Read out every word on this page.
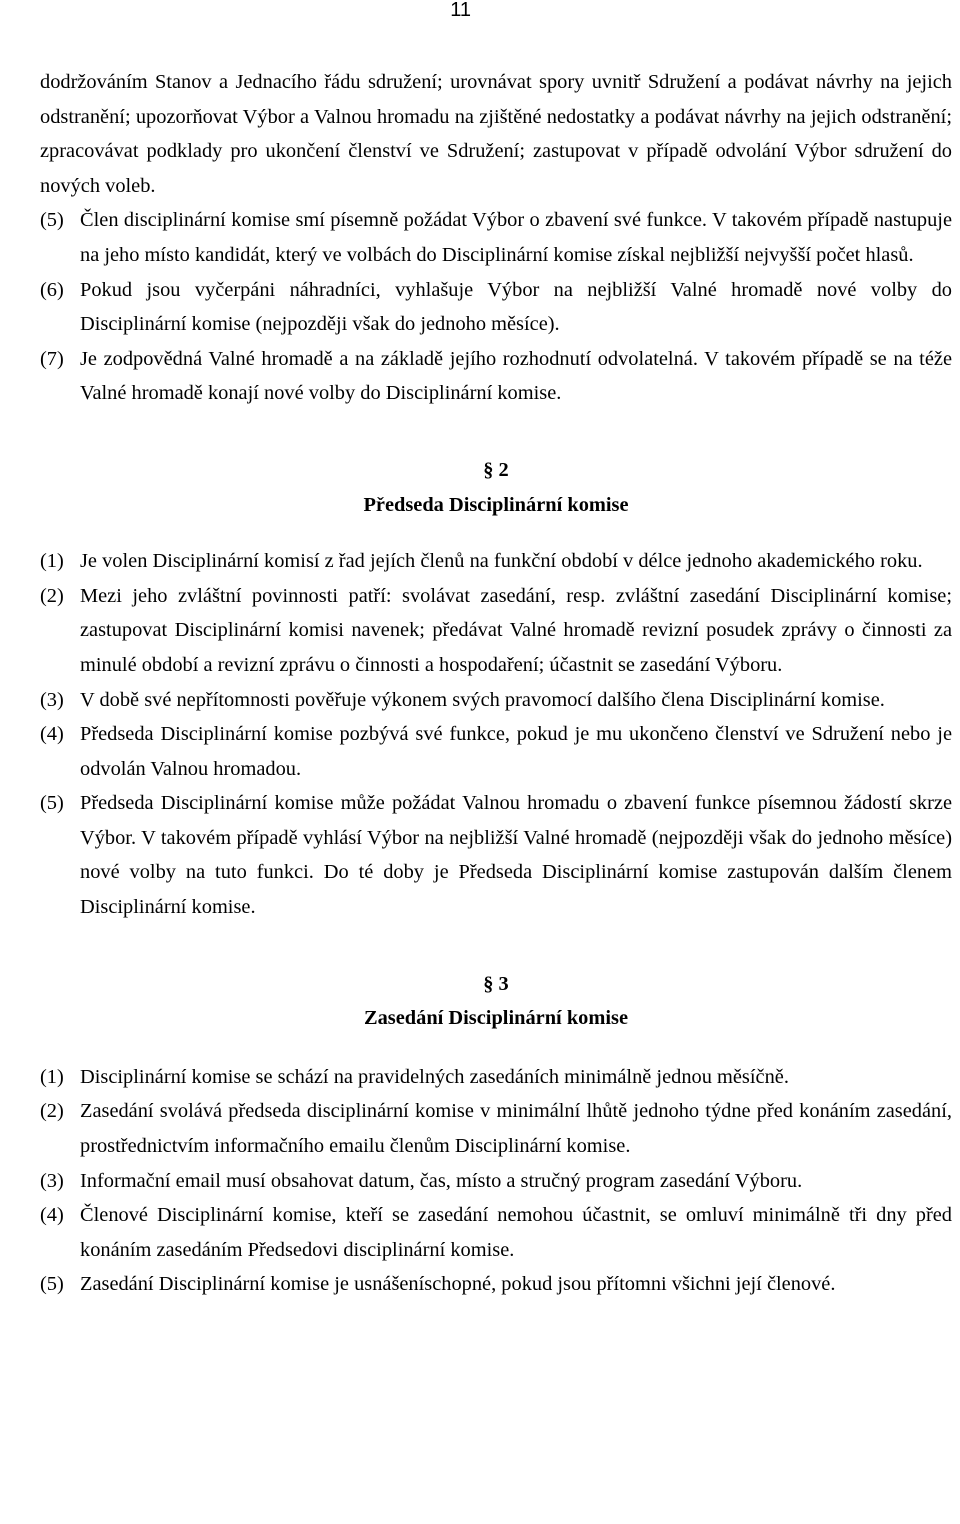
11
dodržováním Stanov a Jednacího řádu sdružení; urovnávat spory uvnitř Sdružení a podávat návrhy na jejich odstranění; upozorňovat Výbor a Valnou hromadu na zjištěné nedostatky a podávat návrhy na jejich odstranění; zpracovávat podklady pro ukončení členství ve Sdružení; zastupovat v případě odvolání Výbor sdružení do nových voleb.
(5) Člen disciplinární komise smí písemně požádat Výbor o zbavení své funkce. V takovém případě nastupuje na jeho místo kandidát, který ve volbách do Disciplinární komise získal nejbližší nejvyšší počet hlasů.
(6) Pokud jsou vyčerpáni náhradníci, vyhlašuje Výbor na nejbližší Valné hromadě nové volby do Disciplinární komise (nejpozději však do jednoho měsíce).
(7) Je zodpovědná Valné hromadě a na základě jejího rozhodnutí odvolatelná. V takovém případě se na téže Valné hromadě konají nové volby do Disciplinární komise.
§ 2
Předseda Disciplinární komise
(1) Je volen Disciplinární komisí z řad jejích členů na funkční období v délce jednoho akademického roku.
(2) Mezi jeho zvláštní povinnosti patří: svolávat zasedání, resp. zvláštní zasedání Disciplinární komise; zastupovat Disciplinární komisi navenek; předávat Valné hromadě revizní posudek zprávy o činnosti za minulé období a revizní zprávu o činnosti a hospodaření; účastnit se zasedání Výboru.
(3) V době své nepřítomnosti pověřuje výkonem svých pravomocí dalšího člena Disciplinární komise.
(4) Předseda Disciplinární komise pozbývá své funkce, pokud je mu ukončeno členství ve Sdružení nebo je odvolán Valnou hromadou.
(5) Předseda Disciplinární komise může požádat Valnou hromadu o zbavení funkce písemnou žádostí skrze Výbor. V takovém případě vyhlásí Výbor na nejbližší Valné hromadě (nejpozději však do jednoho měsíce) nové volby na tuto funkci. Do té doby je Předseda Disciplinární komise zastupován dalším členem Disciplinární komise.
§ 3
Zasedání Disciplinární komise
(1) Disciplinární komise se schází na pravidelných zasedáních minimálně jednou měsíčně.
(2) Zasedání svolává předseda disciplinární komise v minimální lhůtě jednoho týdne před konáním zasedání, prostřednictvím informačního emailu členům Disciplinární komise.
(3) Informační email musí obsahovat datum, čas, místo a stručný program zasedání Výboru.
(4) Členové Disciplinární komise, kteří se zasedání nemohou účastnit, se omluví minimálně tři dny před konáním zasedáním Předsedovi disciplinární komise.
(5) Zasedání Disciplinární komise je usnášeníschopné, pokud jsou přítomni všichni její členové.
